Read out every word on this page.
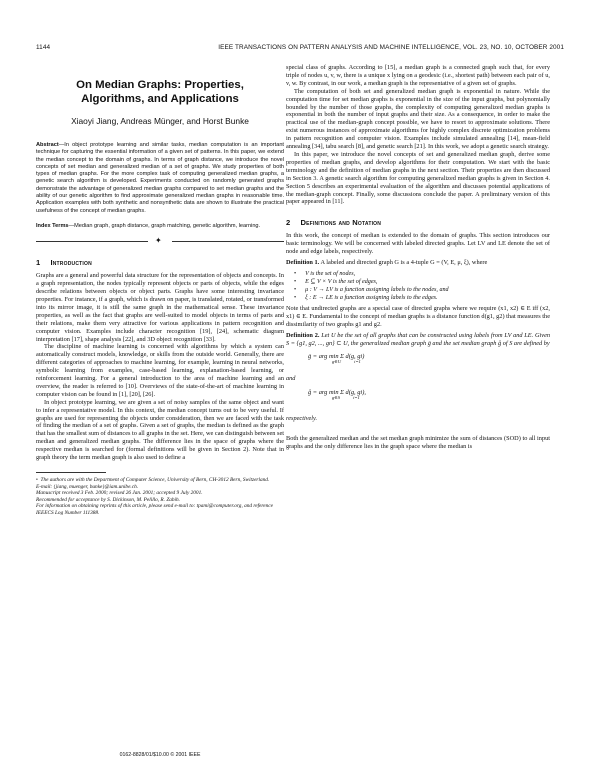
1144	IEEE TRANSACTIONS ON PATTERN ANALYSIS AND MACHINE INTELLIGENCE, VOL. 23, NO. 10, OCTOBER 2001
On Median Graphs: Properties,
Algorithms, and Applications
Xiaoyi Jiang, Andreas Münger, and Horst Bunke
Abstract—In object prototype learning and similar tasks, median computation is an important technique for capturing the essential information of a given set of patterns. In this paper, we extend the median concept to the domain of graphs. In terms of graph distance, we introduce the novel concepts of set median and generalized median of a set of graphs. We study properties of both types of median graphs. For the more complex task of computing generalized median graphs, a genetic search algorithm is developed. Experiments conducted on randomly generated graphs demonstrate the advantage of generalized median graphs compared to set median graphs and the ability of our genetic algorithm to find approximate generalized median graphs in reasonable time. Application examples with both synthetic and nonsynthetic data are shown to illustrate the practical usefulness of the concept of median graphs.
Index Terms—Median graph, graph distance, graph matching, genetic algorithm, learning.
✦
1 Introduction

Graphs are a general and powerful data structure for the representation of objects and concepts. In a graph representation, the nodes typically represent objects or parts of objects, while the edges describe relations between objects or object parts. Graphs have some interesting invariance properties. For instance, if a graph, which is drawn on paper, is translated, rotated, or transformed into its mirror image, it is still the same graph in the mathematical sense. These invariance properties, as well as the fact that graphs are well-suited to model objects in terms of parts and their relations, make them very attractive for various applications in pattern recognition and computer vision. Examples include character recognition [19], [24], schematic diagram interpretation [17], shape analysis [22], and 3D object recognition [33].

The discipline of machine learning is concerned with algorithms by which a system can automatically construct models, knowledge, or skills from the outside world. Generally, there are different categories of approaches to machine learning, for example, learning in neural networks, symbolic learning from examples, case-based learning, explanation-based learning, or reinforcement learning. For a general introduction to the area of machine learning and an overview, the reader is referred to [10]. Overviews of the state-of-the-art of machine learning in computer vision can be found in [1], [20], [26].

In object prototype learning, we are given a set of noisy samples of the same object and want to infer a representative model. In this context, the median concept turns out to be very useful. If graphs are used for representing the objects under consideration, then we are faced with the task of finding the median of a set of graphs. Given a set of graphs, the median is defined as the graph that has the smallest sum of distances to all graphs in the set. Here, we can distinguish between set median and generalized median graphs. The difference lies in the space of graphs where the respective median is searched for (formal definitions will be given in Section 2). Note that in graph theory the term median graph is also used to define a

• The authors are with the Department of Computer Science, University of Bern, CH-3012 Bern, Switzerland.
E-mail: {jiang, muenger, bunke}@iam.unibe.ch.
Manuscript received 3 Feb. 2000; revised 26 Jan. 2001; accepted 9 July 2001.
Recommended for acceptance by S. Dickinson, M. Pelillo, R. Zabih.
For information on obtaining reprints of this article, please send e-mail to: tpami@computer.org, and reference IEEECS Log Number 111388.
0162-8828/01/$10.00 © 2001 IEEE

special class of graphs. According to [15], a median graph is a connected graph such that, for every triple of nodes u, v, w, there is a unique x lying on a geodesic (i.e., shortest path) between each pair of u, v, w. By contrast, in our work, a median graph is the representative of a given set of graphs.

The computation of both set and generalized median graph is exponential in nature. While the computation time for set median graphs is exponential in the size of the input graphs, but polynomially bounded by the number of those graphs, the complexity of computing generalized median graphs is exponential in both the number of input graphs and their size. As a consequence, in order to make the practical use of the median-graph concept possible, we have to resort to approximate solutions. There exist numerous instances of approximate algorithms for highly complex discrete optimization problems in pattern recognition and computer vision. Examples include simulated annealing [14], mean-field annealing [34], tabu search [8], and genetic search [21]. In this work, we adopt a genetic search strategy.

In this paper, we introduce the novel concepts of set and generalized median graph, derive some properties of median graphs, and develop algorithms for their computation. We start with the basic terminology and the definition of median graphs in the next section. Their properties are then discussed in Section 3. A genetic search algorithm for computing generalized median graphs is given in Section 4. Section 5 describes an experimental evaluation of the algorithm and discusses potential applications of the median-graph concept. Finally, some discussions conclude the paper. A preliminary version of this paper appeared in [11].

2 Definitions and Notation

In this work, the concept of median is extended to the domain of graphs. This section introduces our basic terminology. We will be concerned with labeled directed graphs. Let LV and LE denote the set of node and edge labels, respectively.

Definition 1. A labeled and directed graph G is a 4-tuple G = (V, E, μ, ξ), where
• V is the set of nodes,
• E ⊆ V × V is the set of edges,
• μ : V → LV is a function assigning labels to the nodes, and
• ξ : E → LE is a function assigning labels to the edges.

Note that undirected graphs are a special case of directed graphs where we require (x1, x2) ∈ E iff (x2, x1) ∈ E. Fundamental to the concept of median graphs is a distance function d(g1, g2) that measures the dissimilarity of two graphs g1 and g2.

Definition 2. Let U be the set of all graphs that can be constructed using labels from LV and LE. Given S = {g1, g2, ..., gn} ⊂ U, the generalized median graph ḡ and the set median graph ĝ of S are defined by
ḡ = arg min Σ d(g, gi)
g∈U	i=1
and
ĝ = arg min Σ d(g, gi),
g∈S	i=1
respectively.

Both the generalized median and the set median graph minimize the sum of distances (SOD) to all input graphs and the only difference lies in the graph space where the median is
